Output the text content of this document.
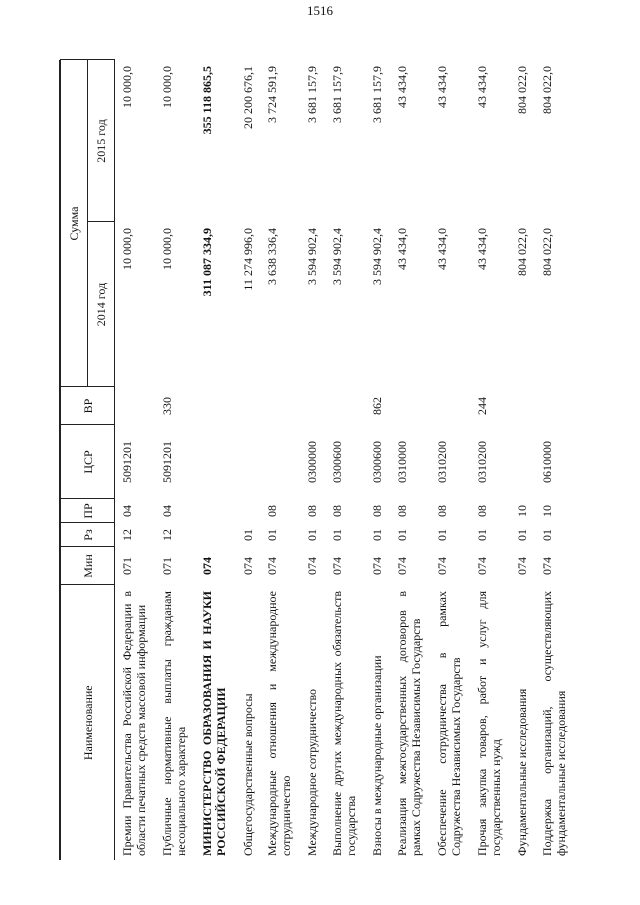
1516
Наименование	Мин	Рз	ПР	ЦСР	ВР	Сумма	
						2014 год	2015 год
Премии Правительства Российской Федерации в области печатных средств массовой информации	071	12	04	5091201		10 000,0	10 000,0
Публичные нормативные выплаты гражданам несоциального характера	071	12	04	5091201	330	10 000,0	10 000,0
МИНИСТЕРСТВО ОБРАЗОВАНИЯ И НАУКИ РОССИЙСКОЙ ФЕДЕРАЦИИ	074					311 087 334,9	355 118 865,5
Общегосударственные вопросы	074	01				11 274 996,0	20 200 676,1
Международные отношения и международное сотрудничество	074	01	08			3 638 336,4	3 724 591,9
Международное сотрудничество	074	01	08	0300000		3 594 902,4	3 681 157,9
Выполнение других международных обязательств государства	074	01	08	0300600		3 594 902,4	3 681 157,9
Взносы в международные организации	074	01	08	0300600	862	3 594 902,4	3 681 157,9
Реализация межгосударственных договоров в рамках Содружества Независимых Государств	074	01	08	0310000		43 434,0	43 434,0
Обеспечение сотрудничества в рамках Содружества Независимых Государств	074	01	08	0310200		43 434,0	43 434,0
Прочая закупка товаров, работ и услуг для государственных нужд	074	01	08	0310200	244	43 434,0	43 434,0
Фундаментальные исследования	074	01	10			804 022,0	804 022,0
Поддержка организаций, осуществляющих фундаментальные исследования	074	01	10	0610000		804 022,0	804 022,0
